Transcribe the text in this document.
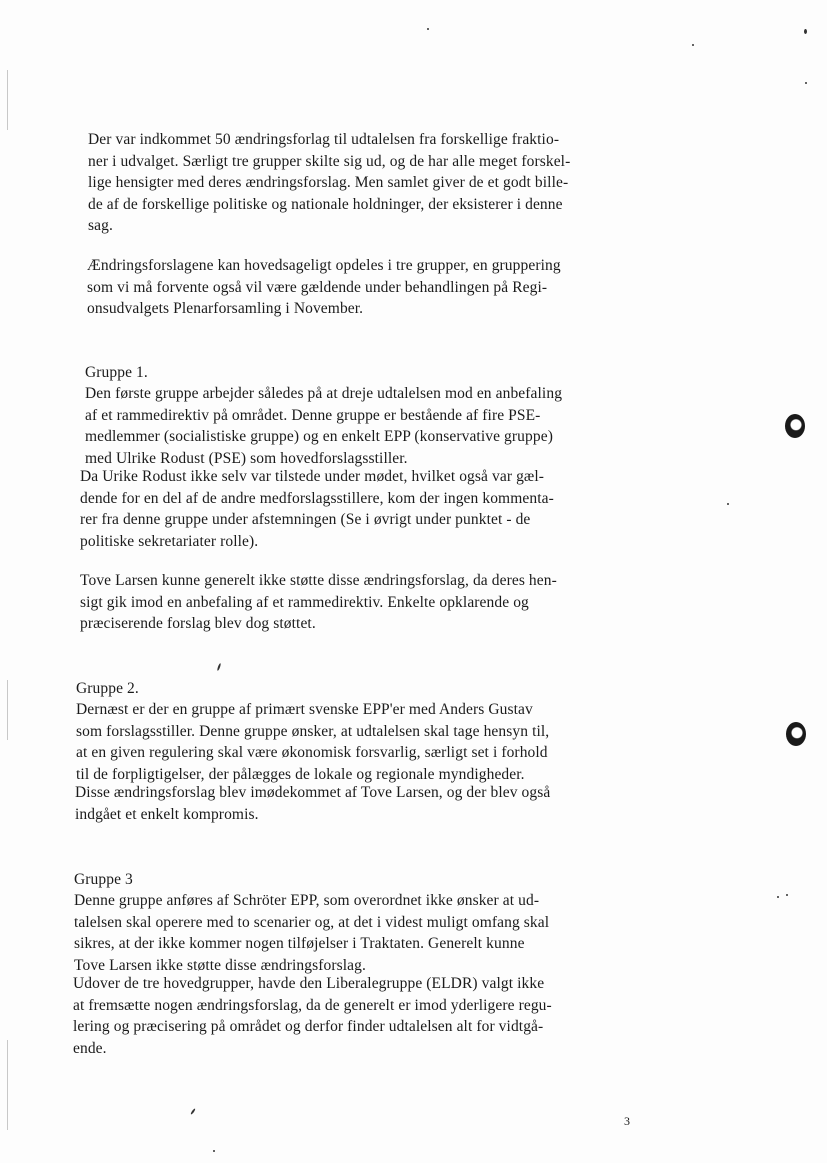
Der var indkommet 50 ændringsforlag til udtalelsen fra forskellige fraktio-
ner i udvalget. Særligt tre grupper skilte sig ud, og de har alle meget forskel-
lige hensigter med deres ændringsforslag. Men samlet giver de et godt bille-
de af de forskellige politiske og nationale holdninger, der eksisterer i denne
sag.

Ændringsforslagene kan hovedsageligt opdeles i tre grupper, en gruppering
som vi må forvente også vil være gældende under behandlingen på Regi-
onsudvalgets Plenarforsamling i November.

Gruppe 1.
Den første gruppe arbejder således på at dreje udtalelsen mod en anbefaling
af et rammedirektiv på området. Denne gruppe er bestående af fire PSE-
medlemmer (socialistiske gruppe) og en enkelt EPP (konservative gruppe)
med Ulrike Rodust (PSE) som hovedforslagsstiller.

Da Urike Rodust ikke selv var tilstede under mødet, hvilket også var gæl-
dende for en del af de andre medforslagsstillere, kom der ingen kommenta-
rer fra denne gruppe under afstemningen (Se i øvrigt under punktet - de
politiske sekretariater rolle).

Tove Larsen kunne generelt ikke støtte disse ændringsforslag, da deres hen-
sigt gik imod en anbefaling af et rammedirektiv. Enkelte opklarende og
præciserende forslag blev dog støttet.

Gruppe 2.
Dernæst er der en gruppe af primært svenske EPP'er med Anders Gustav
som forslagsstiller. Denne gruppe ønsker, at udtalelsen skal tage hensyn til,
at en given regulering skal være økonomisk forsvarlig, særligt set i forhold
til de forpligtigelser, der pålægges de lokale og regionale myndigheder.

Disse ændringsforslag blev imødekommet af Tove Larsen, og der blev også
indgået et enkelt kompromis.

Gruppe 3
Denne gruppe anføres af Schröter EPP, som overordnet ikke ønsker at ud-
talelsen skal operere med to scenarier og, at det i videst muligt omfang skal
sikres, at der ikke kommer nogen tilføjelser i Traktaten. Generelt kunne
Tove Larsen ikke støtte disse ændringsforslag.

Udover de tre hovedgrupper, havde den Liberalegruppe (ELDR) valgt ikke
at fremsætte nogen ændringsforslag, da de generelt er imod yderligere regu-
lering og præcisering på området og derfor finder udtalelsen alt for vidtgå-
ende.

3
